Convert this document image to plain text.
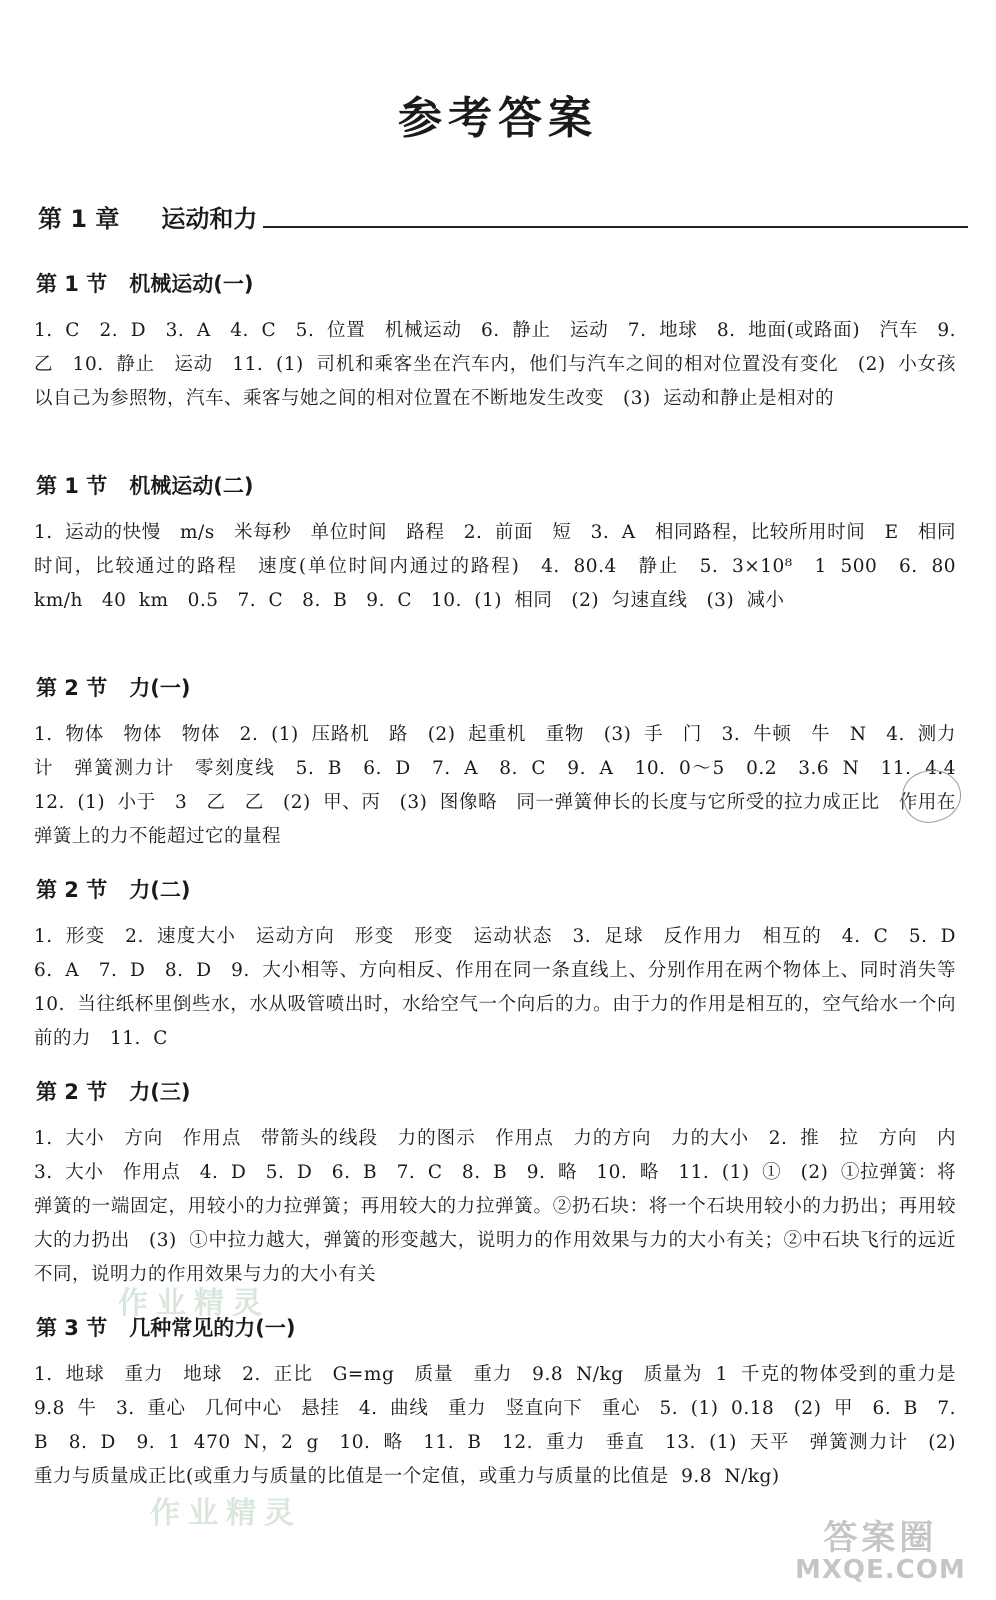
参考答案
第 1 章 运动和力
第 1 节 机械运动(一)
1. C　2. D　3. A　4. C　5. 位置　机械运动　6. 静止　运动　7. 地球　8. 地面(或路面)　汽车　9. 乙　10. 静止　运动　11. (1) 司机和乘客坐在汽车内，他们与汽车之间的相对位置没有变化　(2) 小女孩以自己为参照物，汽车、乘客与她之间的相对位置在不断地发生改变　(3) 运动和静止是相对的
第 1 节 机械运动(二)
1. 运动的快慢　m/s　米每秒　单位时间　路程　2. 前面　短　3. A　相同路程，比较所用时间　E　相同时间，比较通过的路程　速度(单位时间内通过的路程)　4. 80.4　静止　5. 3×10⁸　1 500　6. 80 km/h　40 km　0.5　7. C　8. B　9. C　10. (1) 相同　(2) 匀速直线　(3) 减小
第 2 节 力(一)
1. 物体　物体　物体　2. (1) 压路机　路　(2) 起重机　重物　(3) 手　门　3. 牛顿　牛　N　4. 测力计　弹簧测力计　零刻度线　5. B　6. D　7. A　8. C　9. A　10. 0～5　0.2　3.6 N　11. 4.4　12. (1) 小于　3　乙　乙　(2) 甲、丙　(3) 图像略　同一弹簧伸长的长度与它所受的拉力成正比　作用在弹簧上的力不能超过它的量程
第 2 节 力(二)
1. 形变　2. 速度大小　运动方向　形变　形变　运动状态　3. 足球　反作用力　相互的　4. C　5. D　6. A　7. D　8. D　9. 大小相等、方向相反、作用在同一条直线上、分别作用在两个物体上、同时消失等　10. 当往纸杯里倒些水，水从吸管喷出时，水给空气一个向后的力。由于力的作用是相互的，空气给水一个向前的力　11. C
第 2 节 力(三)
1. 大小　方向　作用点　带箭头的线段　力的图示　作用点　力的方向　力的大小　2. 推　拉　方向　内　3. 大小　作用点　4. D　5. D　6. B　7. C　8. B　9. 略　10. 略　11. (1) ①　(2) ①拉弹簧：将弹簧的一端固定，用较小的力拉弹簧；再用较大的力拉弹簧。②扔石块：将一个石块用较小的力扔出；再用较大的力扔出　(3) ①中拉力越大，弹簧的形变越大，说明力的作用效果与力的大小有关；②中石块飞行的远近不同，说明力的作用效果与力的大小有关
第 3 节 几种常见的力(一)
1. 地球　重力　地球　2. 正比　G=mg　质量　重力　9.8 N/kg　质量为 1 千克的物体受到的重力是 9.8 牛　3. 重心　几何中心　悬挂　4. 曲线　重力　竖直向下　重心　5. (1) 0.18　(2) 甲　6. B　7. B　8. D　9. 1 470 N，2 g　10. 略　11. B　12. 重力　垂直　13. (1) 天平　弹簧测力计　(2) 重力与质量成正比(或重力与质量的比值是一个定值，或重力与质量的比值是 9.8 N/kg)
作业精灵
作业精灵
答案圈
MXQE.COM
